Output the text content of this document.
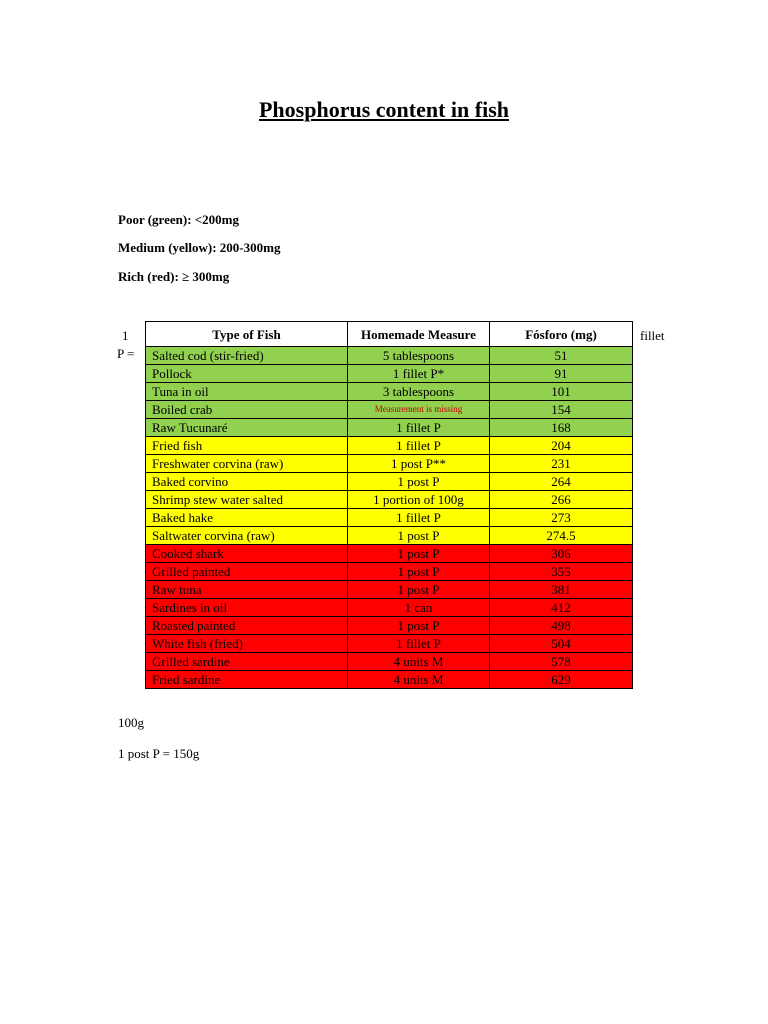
Phosphorus content in fish
Poor (green): <200mg
Medium (yellow): 200-300mg
Rich (red): ≥ 300mg
1	fillet
P =
100g
1 post P = 150g
Type of Fish	Homemade Measure	Fósforo (mg)
Salted cod (stir-fried)	5 tablespoons	51
Pollock	1 fillet P*	91
Tuna in oil	3 tablespoons	101
Boiled crab	Measurement is missing	154
Raw Tucunaré	1 fillet P	168
Fried fish	1 fillet P	204
Freshwater corvina (raw)	1 post P**	231
Baked corvino	1 post P	264
Shrimp stew water salted	1 portion of 100g	266
Baked hake	1 fillet P	273
Saltwater corvina (raw)	1 post P	274.5
Cooked shark	1 post P	306
Grilled painted	1 post P	355
Raw tuna	1 post P	381
Sardines in oil	1 can	412
Roasted painted	1 post P	498
White fish (fried)	1 fillet P	504
Grilled sardine	4 units M	578
Fried sardine	4 units M	629
